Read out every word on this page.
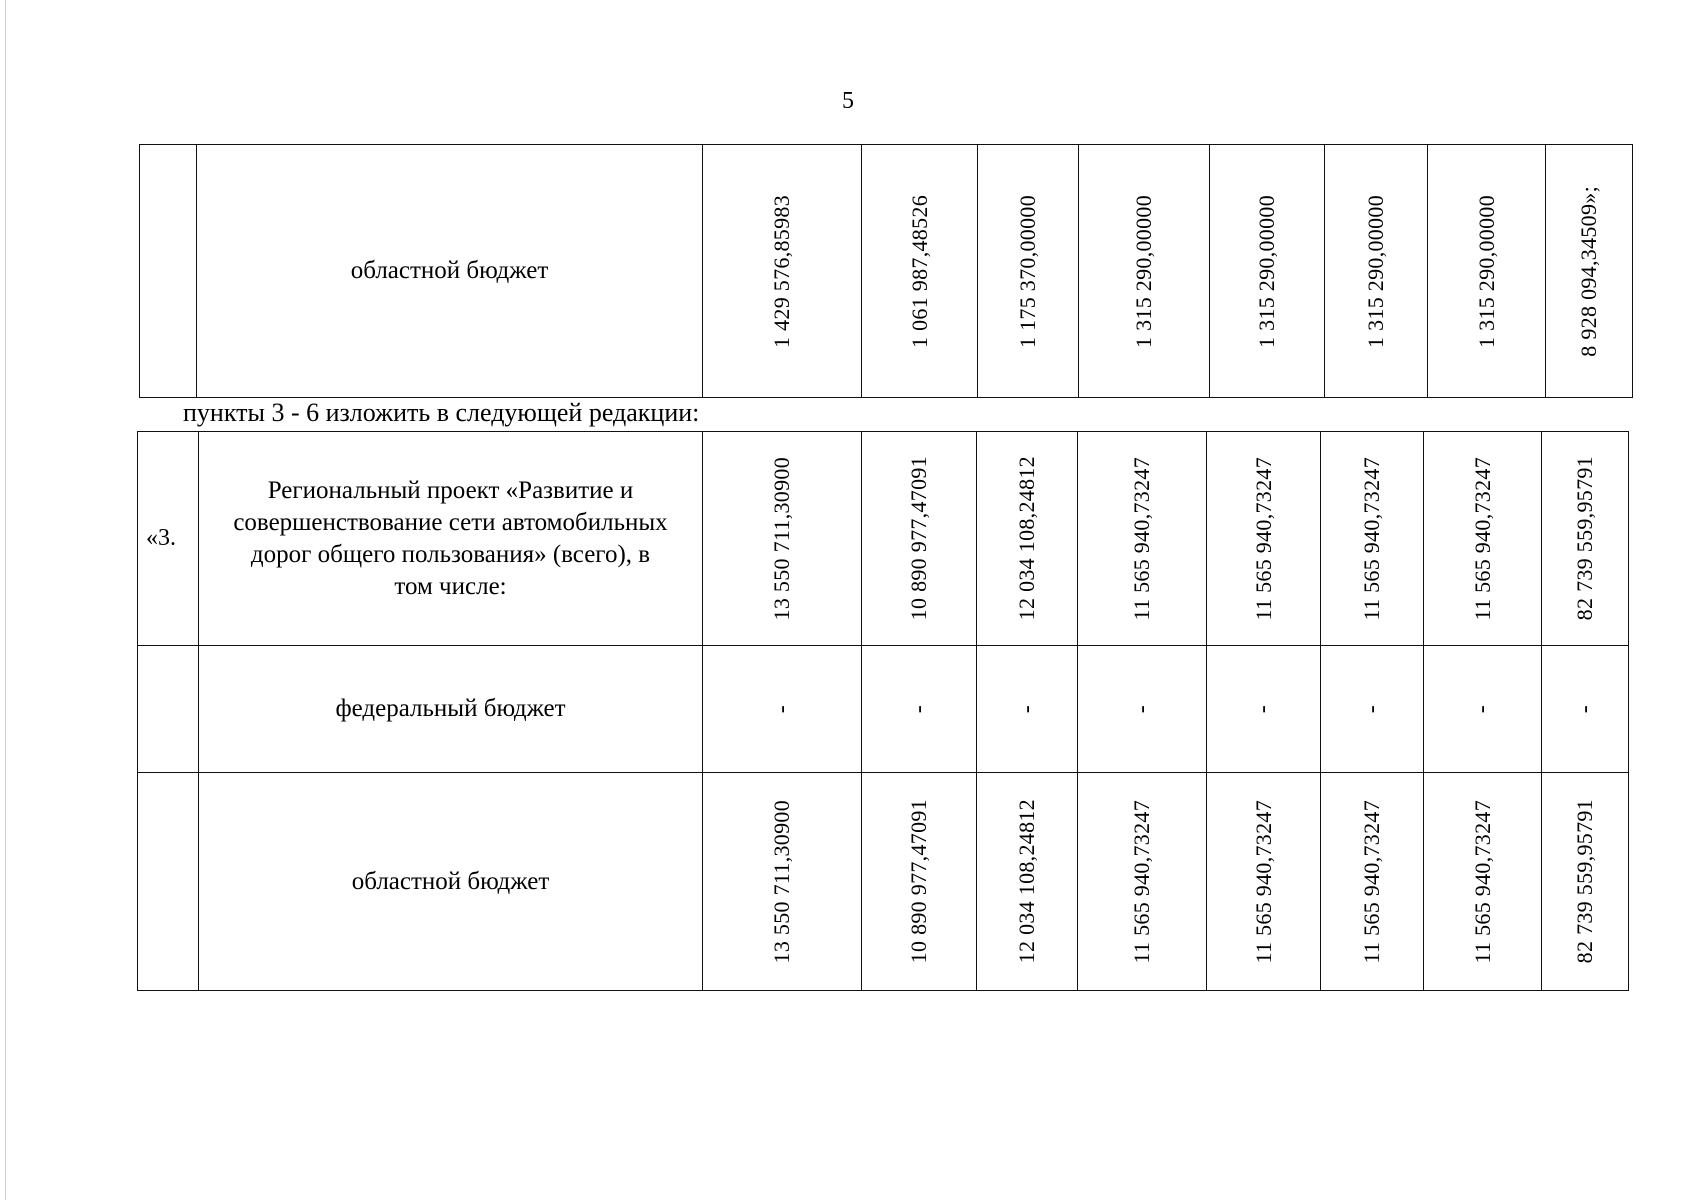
5
	областной бюджет	1 429 576,85983	1 061 987,48526	1 175 370,00000	1 315 290,00000	1 315 290,00000	1 315 290,00000	1 315 290,00000	8 928 094,34509»;
пункты 3 - 6 изложить в следующей редакции:
«3.	Региональный проект «Развитие и совершенствование сети автомобильных дорог общего пользования» (всего), в том числе:	13 550 711,30900	10 890 977,47091	12 034 108,24812	11 565 940,73247	11 565 940,73247	11 565 940,73247	11 565 940,73247	82 739 559,95791

	федеральный бюджет	-	-	-	-	-	-	-	-

	областной бюджет	13 550 711,30900	10 890 977,47091	12 034 108,24812	11 565 940,73247	11 565 940,73247	11 565 940,73247	11 565 940,73247	82 739 559,95791
